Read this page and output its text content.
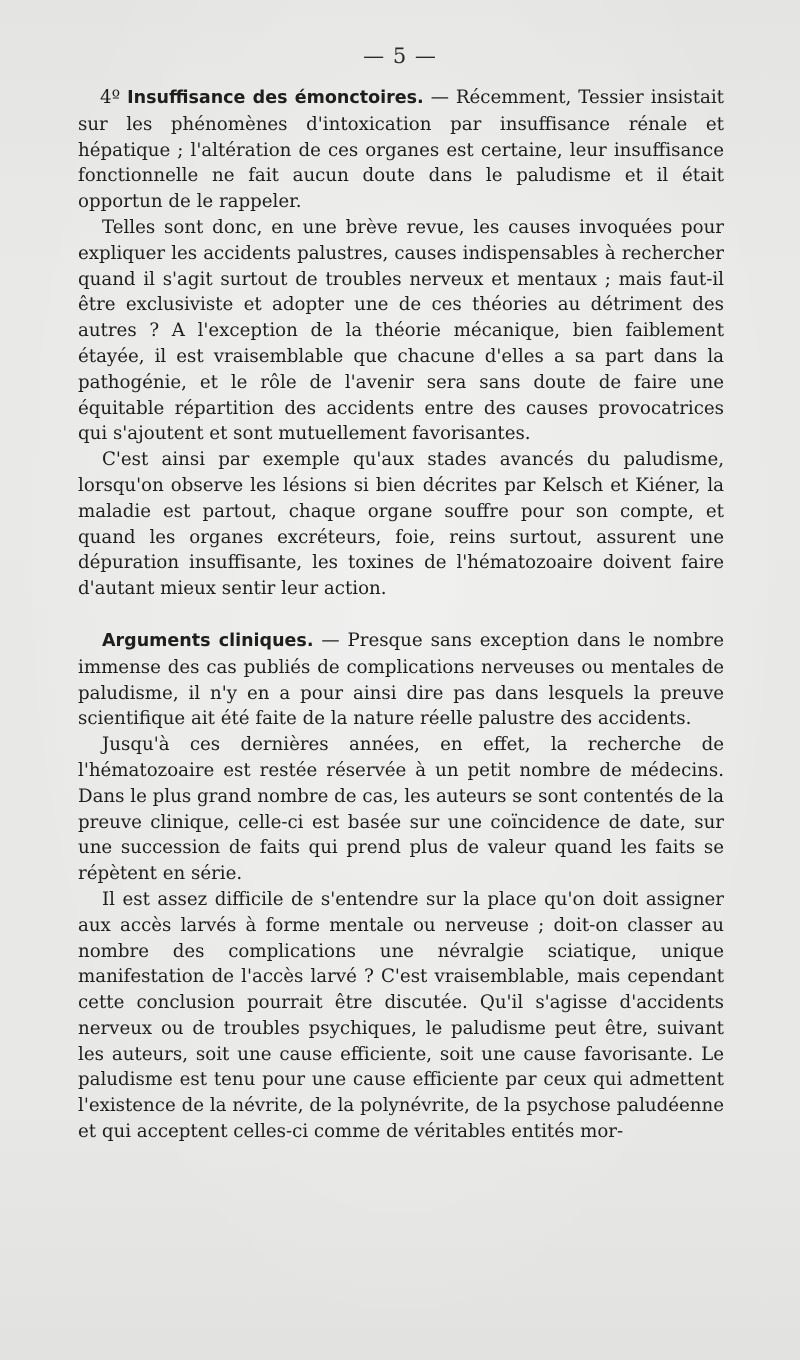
— 5 —

4º Insuffisance des émonctoires. — Récemment, Tessier insistait sur les phénomènes d'intoxication par insuffisance rénale et hépatique ; l'altération de ces organes est certaine, leur insuffisance fonctionnelle ne fait aucun doute dans le paludisme et il était opportun de le rappeler.

Telles sont donc, en une brève revue, les causes invoquées pour expliquer les accidents palustres, causes indispensables à rechercher quand il s'agit surtout de troubles nerveux et mentaux ; mais faut-il être exclusiviste et adopter une de ces théories au détriment des autres ? A l'exception de la théorie mécanique, bien faiblement étayée, il est vraisemblable que chacune d'elles a sa part dans la pathogénie, et le rôle de l'avenir sera sans doute de faire une équitable répartition des accidents entre des causes provocatrices qui s'ajoutent et sont mutuellement favorisantes.

C'est ainsi par exemple qu'aux stades avancés du paludisme, lorsqu'on observe les lésions si bien décrites par Kelsch et Kiéner, la maladie est partout, chaque organe souffre pour son compte, et quand les organes excréteurs, foie, reins surtout, assurent une dépuration insuffisante, les toxines de l'hématozoaire doivent faire d'autant mieux sentir leur action.

Arguments cliniques. — Presque sans exception dans le nombre immense des cas publiés de complications nerveuses ou mentales de paludisme, il n'y en a pour ainsi dire pas dans lesquels la preuve scientifique ait été faite de la nature réelle palustre des accidents.

Jusqu'à ces dernières années, en effet, la recherche de l'hématozoaire est restée réservée à un petit nombre de médecins. Dans le plus grand nombre de cas, les auteurs se sont contentés de la preuve clinique, celle-ci est basée sur une coïncidence de date, sur une succession de faits qui prend plus de valeur quand les faits se répètent en série.

Il est assez difficile de s'entendre sur la place qu'on doit assigner aux accès larvés à forme mentale ou nerveuse ; doit-on classer au nombre des complications une névralgie sciatique, unique manifestation de l'accès larvé ? C'est vraisemblable, mais cependant cette conclusion pourrait être discutée. Qu'il s'agisse d'accidents nerveux ou de troubles psychiques, le paludisme peut être, suivant les auteurs, soit une cause efficiente, soit une cause favorisante. Le paludisme est tenu pour une cause efficiente par ceux qui admettent l'existence de la névrite, de la polynévrite, de la psychose paludéenne et qui acceptent celles-ci comme de véritables entités mor-
